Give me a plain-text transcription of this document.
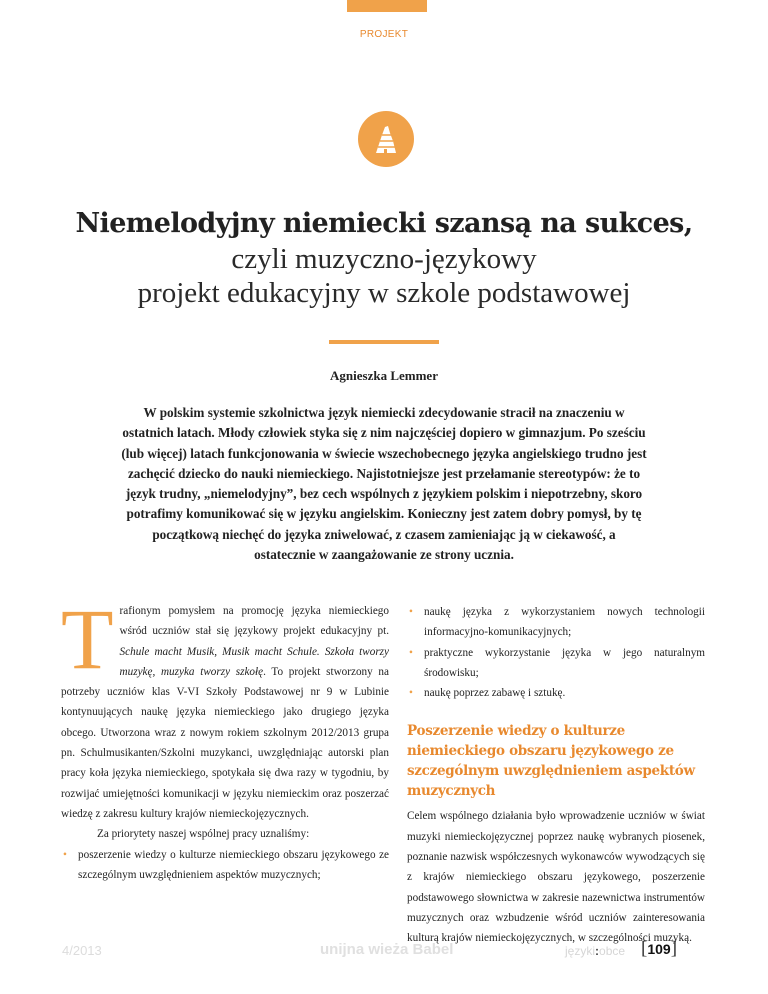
PROJEKT
Niemelodyjny niemiecki szansą na sukces,
czyli muzyczno-językowy
projekt edukacyjny w szkole podstawowej
Agnieszka Lemmer
W polskim systemie szkolnictwa język niemiecki zdecydowanie stracił na znaczeniu w ostatnich latach. Młody człowiek styka się z nim najczęściej dopiero w gimnazjum. Po sześciu (lub więcej) latach funkcjonowania w świecie wszechobecnego języka angielskiego trudno jest zachęcić dziecko do nauki niemieckiego. Najistotniejsze jest przełamanie stereotypów: że to język trudny, „niemelodyjny”, bez cech wspólnych z językiem polskim i niepotrzebny, skoro potrafimy komunikować się w języku angielskim. Konieczny jest zatem dobry pomysł, by tę początkową niechęć do języka zniwelować, z czasem zamieniając ją w ciekawość, a ostatecznie w zaangażowanie ze strony ucznia.
T rafionym pomysłem na promocję języka niemieckiego wśród uczniów stał się językowy projekt edukacyjny pt. Schule macht Musik, Musik macht Schule. Szkoła tworzy muzykę, muzyka tworzy szkołę. To projekt stworzony na potrzeby uczniów klas V-VI Szkoły Podstawowej nr 9 w Lubinie kontynuujących naukę języka niemieckiego jako drugiego języka obcego. Utworzona wraz z nowym rokiem szkolnym 2012/2013 grupa pn. Schulmusikanten/Szkolni muzykanci, uwzględniając autorski plan pracy koła języka niemieckiego, spotykała się dwa razy w tygodniu, by rozwijać umiejętności komunikacji w języku niemieckim oraz poszerzać wiedzę z zakresu kultury krajów niemieckojęzycznych.

Za priorytety naszej wspólnej pracy uznaliśmy:

• poszerzenie wiedzy o kulturze niemieckiego obszaru językowego ze szczególnym uwzględnieniem aspektów muzycznych;
• naukę języka z wykorzystaniem nowych technologii informacyjno-komunikacyjnych;
• praktyczne wykorzystanie języka w jego naturalnym środowisku;
• naukę poprzez zabawę i sztukę.
Poszerzenie wiedzy o kulturze niemieckiego obszaru językowego ze szczególnym uwzględnieniem aspektów muzycznych

Celem wspólnego działania było wprowadzenie uczniów w świat muzyki niemieckojęzycznej poprzez naukę wybranych piosenek, poznanie nazwisk współczesnych wykonawców wywodzących się z krajów niemieckiego obszaru językowego, poszerzenie podstawowego słownictwa w zakresie nazewnictwa instrumentów muzycznych oraz wzbudzenie wśród uczniów zainteresowania kulturą krajów niemieckojęzycznych, w szczególności muzyką.

4/2013	unijna wieża Babel	języki:obce [109]
